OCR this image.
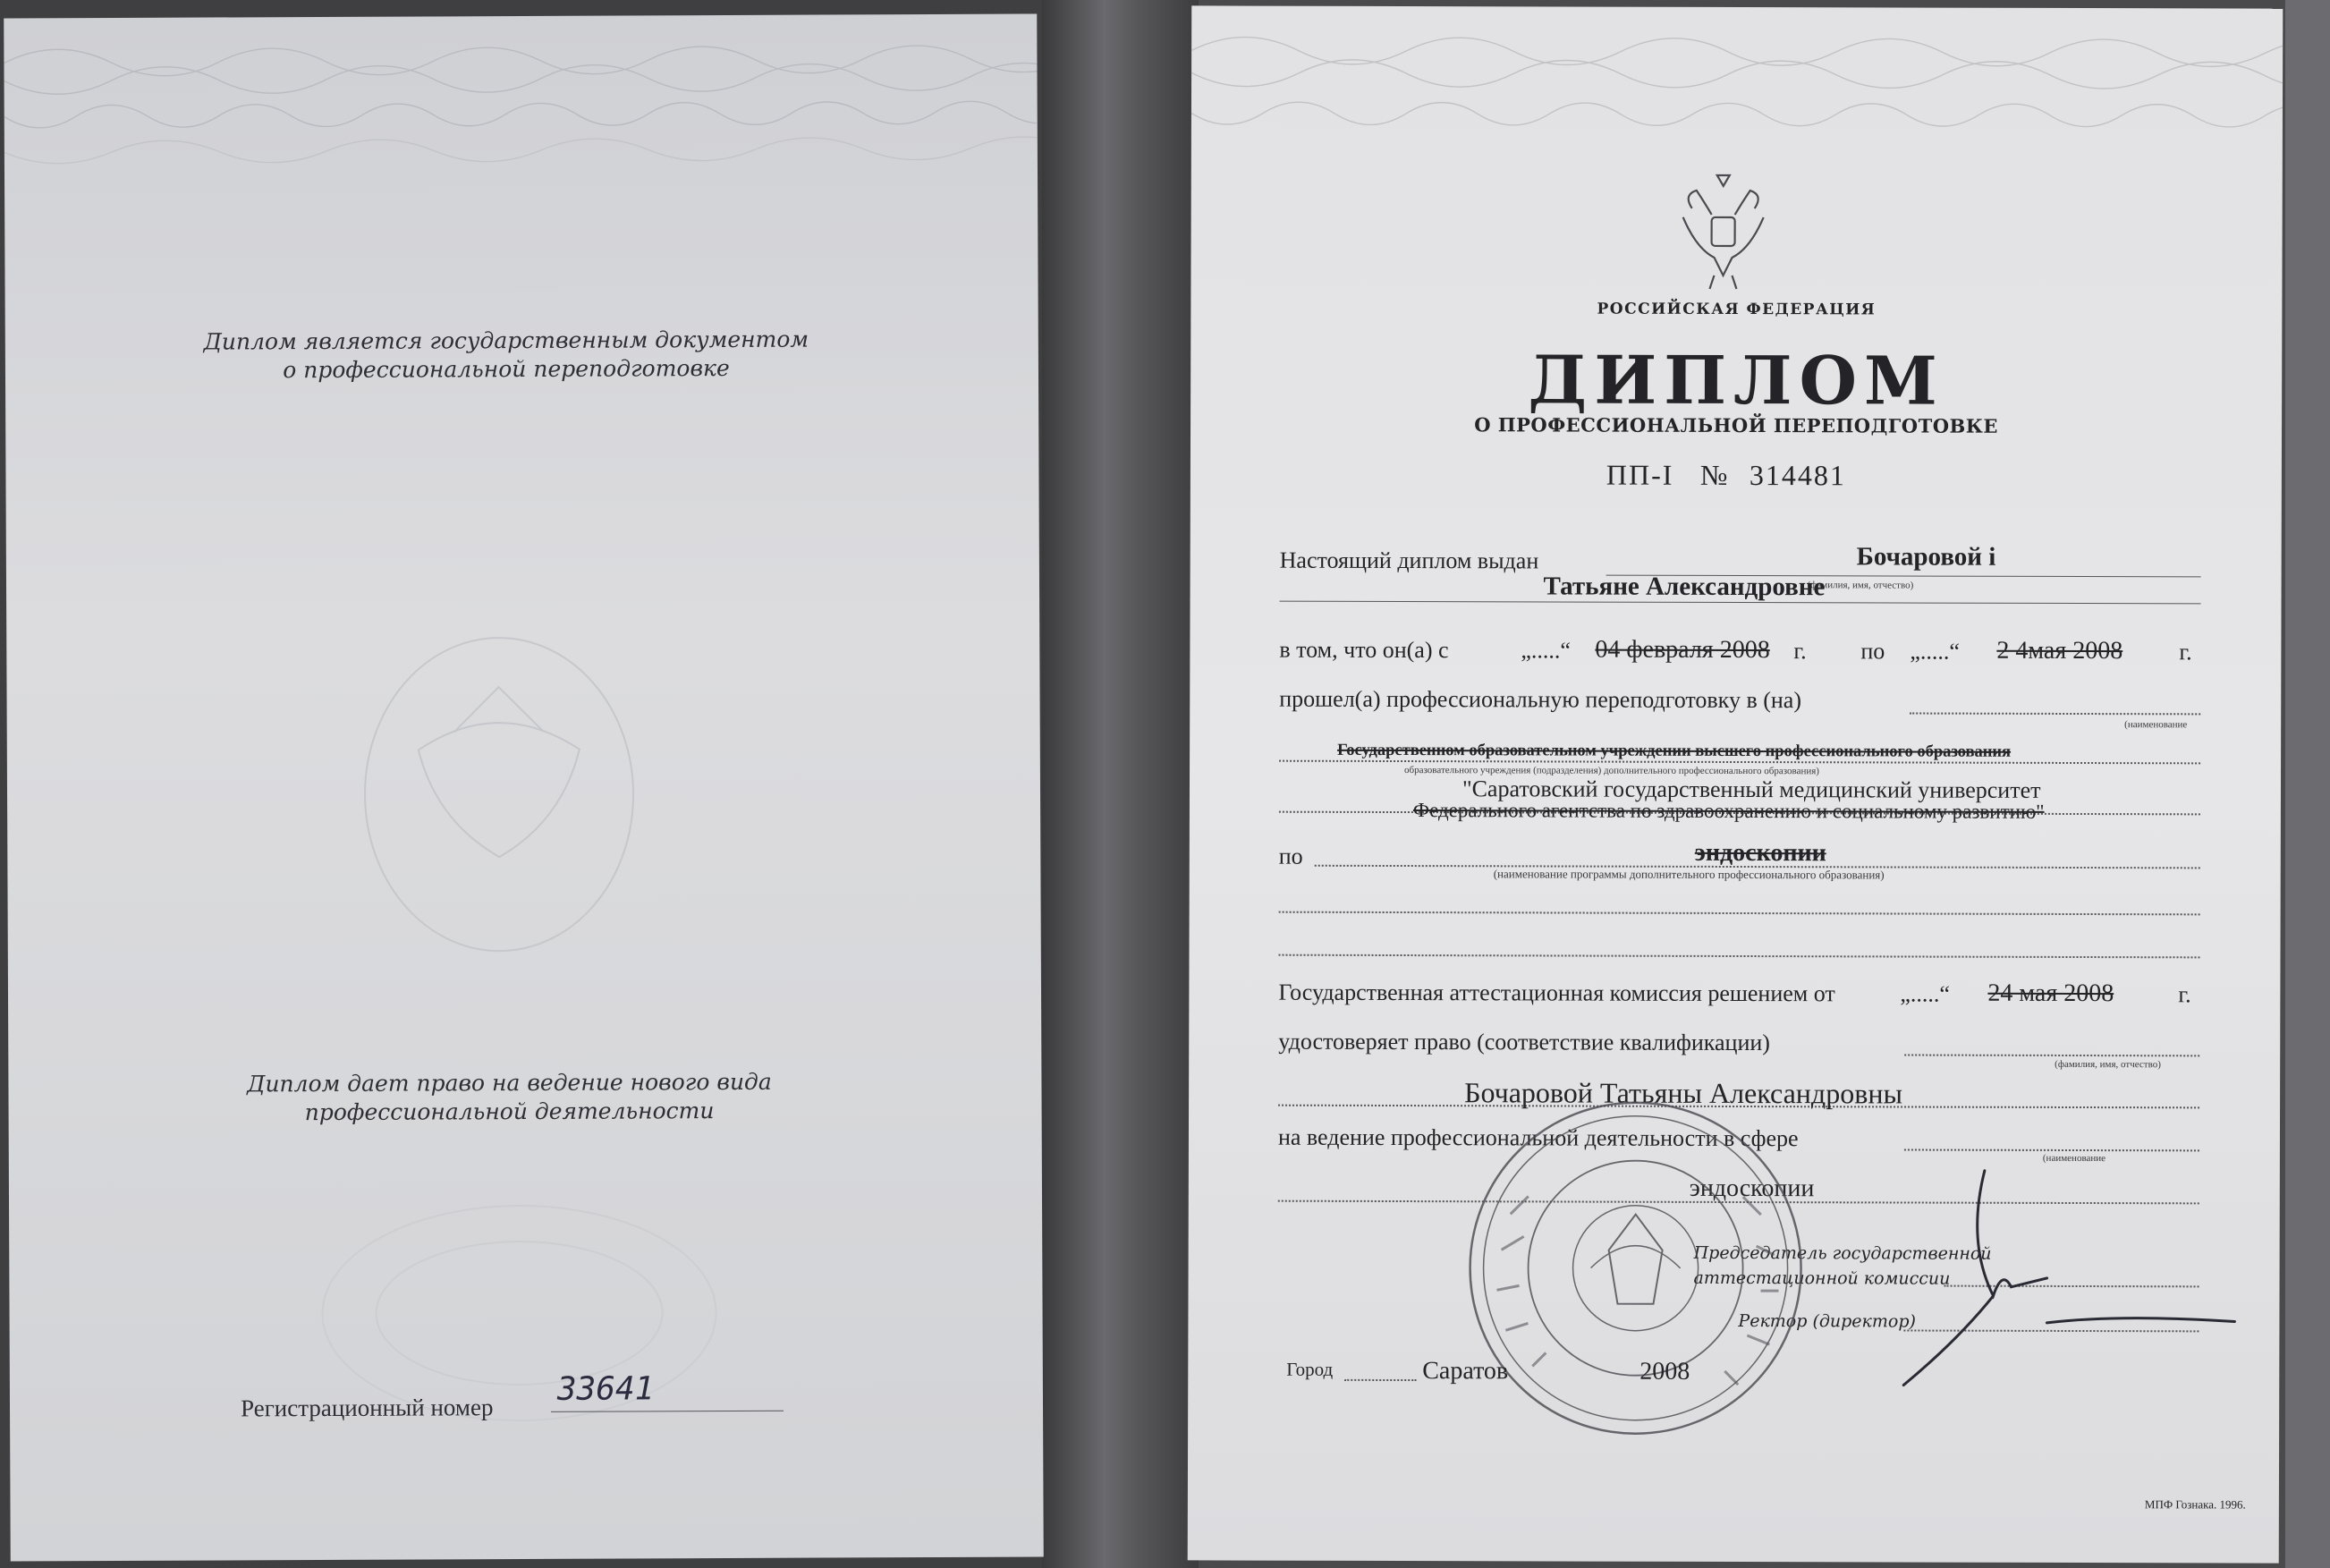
Диплом является государственным документом
о профессиональной переподготовке
Диплом дает право на ведение нового вида
профессиональной деятельности
Регистрационный номер 33641
РОССИЙСКАЯ ФЕДЕРАЦИЯ
ДИПЛОМ
О ПРОФЕССИОНАЛЬНОЙ ПЕРЕПОДГОТОВКЕ
ПП-I № 314481
Настоящий диплом выдан	Бочаровой i
(фамилия, имя, отчество)
Татьяне Александровне
в том, что он(а) с	„.....“ 04 февраля 2008 г. по „.....“ 2 4мая 2008 г.
прошел(а) профессиональную переподготовку в (на)
(наименование
Государственном образовательном учреждении высшего профессионального образования
образовательного учреждения (подразделения) дополнительного профессионального образования)
"Саратовский государственный медицинский университет
Федерального агентства по здравоохранению и социальному развитию"
по	эндоскопии
(наименование программы дополнительного профессионального образования)
Государственная аттестационная комиссия решением от	„.....“ 24 мая 2008	г.
удостоверяет право (соответствие квалификации)
(фамилия, имя, отчество)
Бочаровой Татьяны Александровны
на ведение профессиональной деятельности в сфере
(наименование
эндоскопии
Председатель государственной
аттестационной комиссии
Ректор (директор)
Город	Саратов	2008
МПФ Гознака. 1996.
